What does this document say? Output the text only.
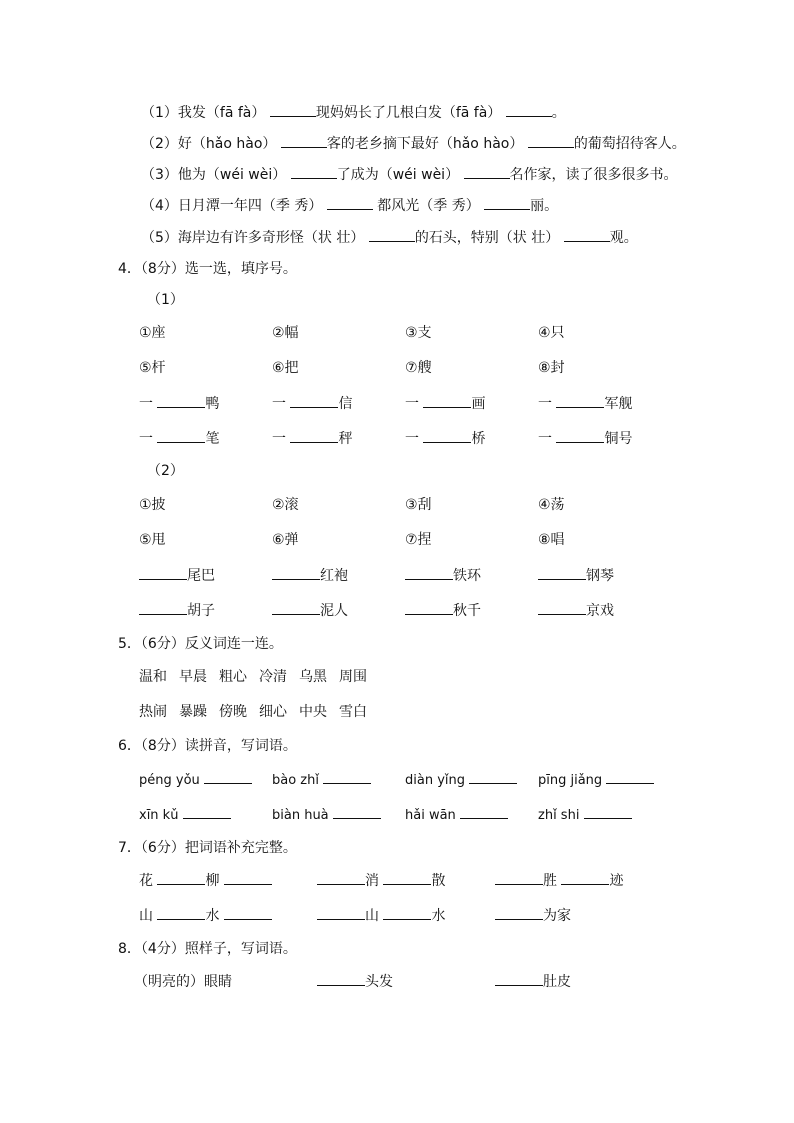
（1）我发（fā fà）	现妈妈长了几根白发（fā fà）	。
（2）好（hǎo hào）	客的老乡摘下最好（hǎo hào）	的葡萄招待客人。
（3）他为（wéi wèi）	了成为（wéi wèi）	名作家，读了很多很多书。
（4）日月潭一年四（季 秀）	都风光（季 秀）	丽。
（5）海岸边有许多奇形怪（状 壮）	的石头，特别（状 壮）	观。
4．（8分）选一选，填序号。
（1）
①座	②幅	③支	④只
⑤杆	⑥把	⑦艘	⑧封
一	鸭	一	信	一	画	一	军舰
一	笔	一	秤	一	桥	一	铜号
（2）
①披	②滚	③刮	④荡
⑤甩	⑥弹	⑦捏	⑧唱
尾巴	红袍	铁环	钢琴
胡子	泥人	秋千	京戏
5．（6分）反义词连一连。
温和 早晨 粗心 冷清 乌黑 周围
热闹 暴躁 傍晚 细心 中央 雪白
6．（8分）读拼音，写词语。
péng yǒu	bào zhǐ	diàn yǐng	pīng jiǎng
xīn kǔ	biàn huà	hǎi wān	zhǐ shi
7．（6分）把词语补充完整。
花	柳	消	散	胜	迹
山	水	山	水	为家
8．（4分）照样子，写词语。
（明亮的）眼睛	头发	肚皮
